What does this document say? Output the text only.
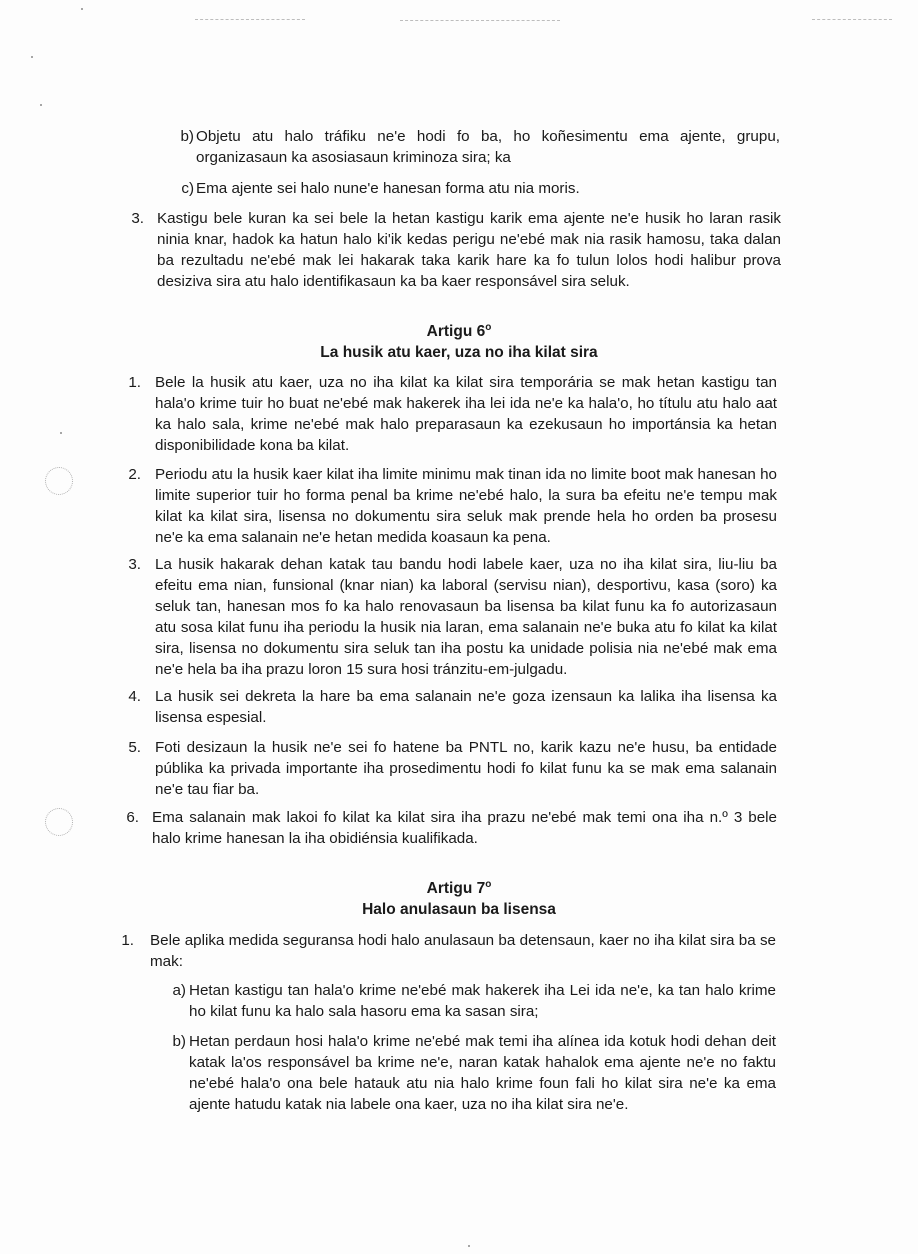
b) Objetu atu halo tráfiku ne'e hodi fo ba, ho koñesimentu ema ajente, grupu, organizasaun ka asosiasaun kriminoza sira; ka
c) Ema ajente sei halo nune'e hanesan forma atu nia moris.
3. Kastigu bele kuran ka sei bele la hetan kastigu karik ema ajente ne'e husik ho laran rasik ninia knar, hadok ka hatun halo ki'ik kedas perigu ne'ebé mak nia rasik hamosu, taka dalan ba rezultadu ne'ebé mak lei hakarak taka karik hare ka fo tulun lolos hodi halibur prova desiziva sira atu halo identifikasaun ka ba kaer responsável sira seluk.
Artigu 6$^o$
La husik atu kaer, uza no iha kilat sira
1. Bele la husik atu kaer, uza no iha kilat ka kilat sira temporária se mak hetan kastigu tan hala'o krime tuir ho buat ne'ebé mak hakerek iha lei ida ne'e ka hala'o, ho títulu atu halo aat ka halo sala, krime ne'ebé mak halo preparasaun ka ezekusaun ho importánsia ka hetan disponibilidade kona ba kilat.
2. Periodu atu la husik kaer kilat iha limite minimu mak tinan ida no limite boot mak hanesan ho limite superior tuir ho forma penal ba krime ne'ebé halo, la sura ba efeitu ne'e tempu mak kilat ka kilat sira, lisensa no dokumentu sira seluk mak prende hela ho orden ba prosesu ne'e ka ema salanain ne'e hetan medida koasaun ka pena.
3. La husik hakarak dehan katak tau bandu hodi labele kaer, uza no iha kilat sira, liu-liu ba efeitu ema nian, funsional (knar nian) ka laboral (servisu nian), desportivu, kasa (soro) ka seluk tan, hanesan mos fo ka halo renovasaun ba lisensa ba kilat funu ka fo autorizasaun atu sosa kilat funu iha periodu la husik nia laran, ema salanain ne'e buka atu fo kilat ka kilat sira, lisensa no dokumentu sira seluk tan iha postu ka unidade polisia nia ne'ebé mak ema ne'e hela ba iha prazu loron 15 sura hosi tránzitu-em-julgadu.
4. La husik sei dekreta la hare ba ema salanain ne'e goza izensaun ka lalika iha lisensa ka lisensa espesial.
5. Foti desizaun la husik ne'e sei fo hatene ba PNTL no, karik kazu ne'e husu, ba entidade públika ka privada importante iha prosedimentu hodi fo kilat funu ka se mak ema salanain ne'e tau fiar ba.
6. Ema salanain mak lakoi fo kilat ka kilat sira iha prazu ne'ebé mak temi ona iha n.º 3 bele halo krime hanesan la iha obidiénsia kualifikada.
Artigu 7$^o$
Halo anulasaun ba lisensa
1. Bele aplika medida seguransa hodi halo anulasaun ba detensaun, kaer no iha kilat sira ba se mak:
a) Hetan kastigu tan hala'o krime ne'ebé mak hakerek iha Lei ida ne'e, ka tan halo krime ho kilat funu ka halo sala hasoru ema ka sasan sira;
b) Hetan perdaun hosi hala'o krime ne'ebé mak temi iha alínea ida kotuk hodi dehan deit katak la'os responsável ba krime ne'e, naran katak hahalok ema ajente ne'e no faktu ne'ebé hala'o ona bele hatauk atu nia halo krime foun fali ho kilat sira ne'e ka ema ajente hatudu katak nia labele ona kaer, uza no iha kilat sira ne'e.
